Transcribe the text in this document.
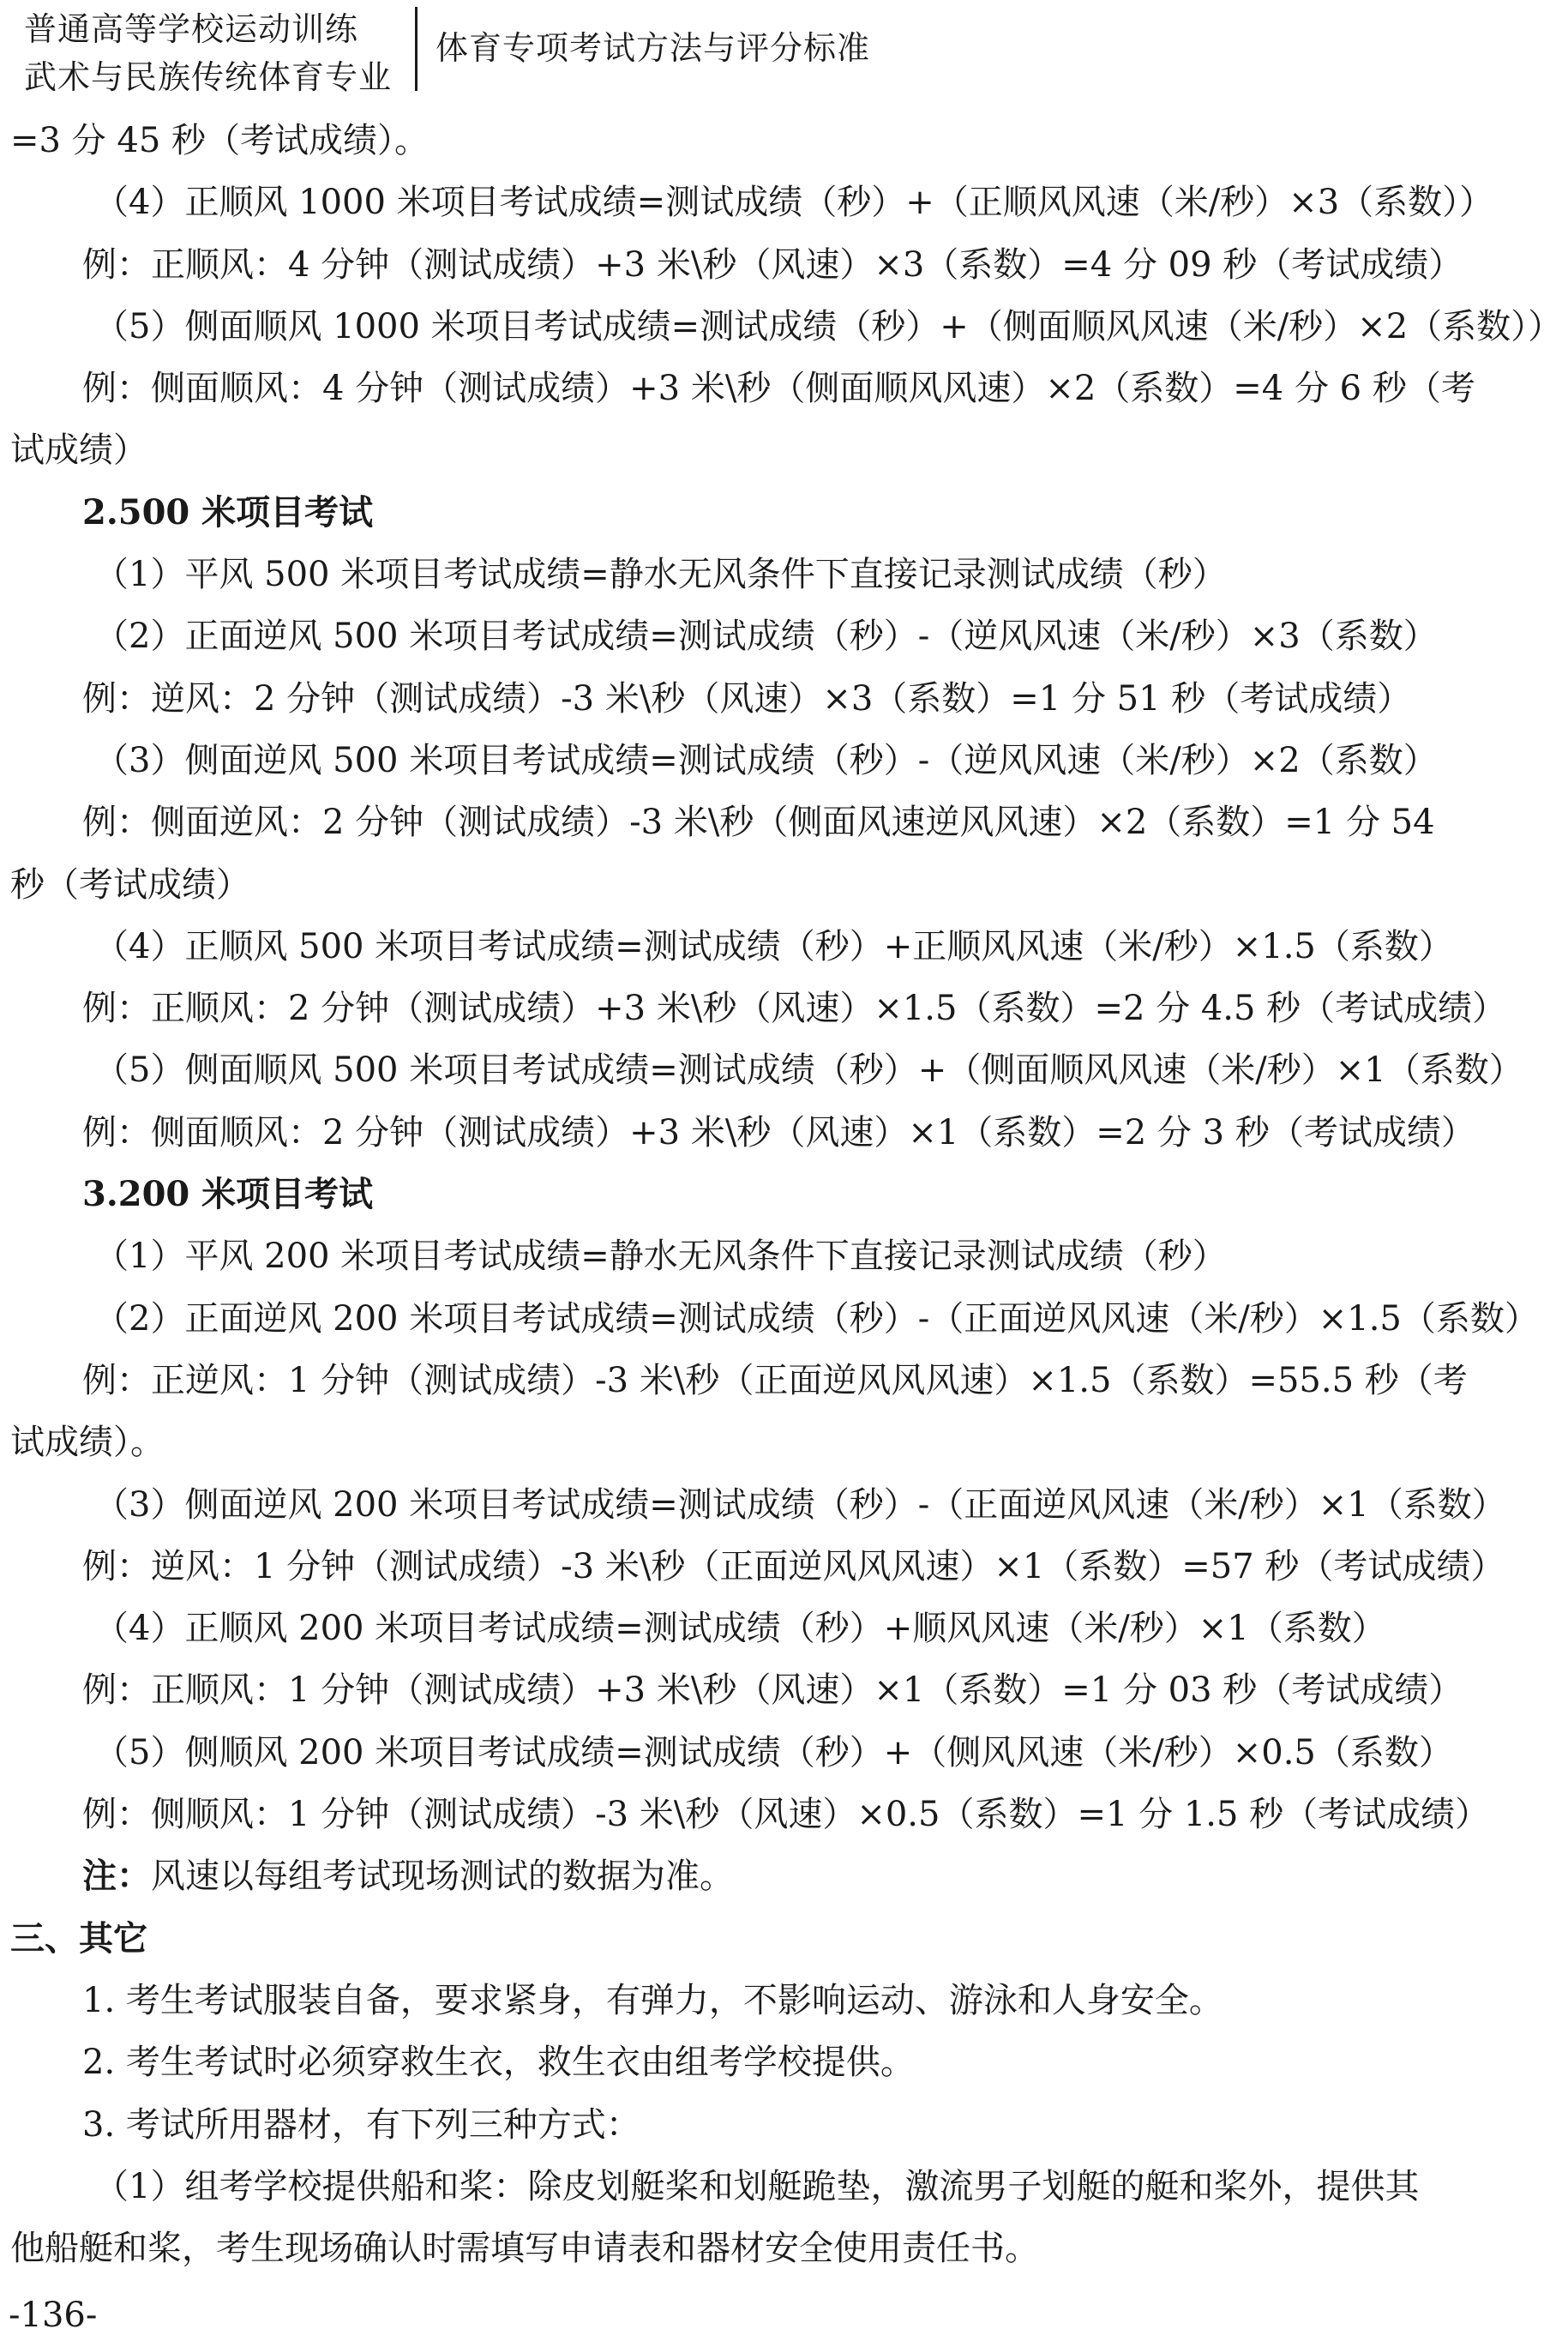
普通高等学校运动训练
武术与民族传统体育专业
体育专项考试方法与评分标准

=3 分 45 秒（考试成绩）。

（4）正顺风 1000 米项目考试成绩=测试成绩（秒）+（正顺风风速（米/秒）×3（系数））

例：正顺风：4 分钟（测试成绩）+3 米\秒（风速）×3（系数）=4 分 09 秒（考试成绩）

（5）侧面顺风 1000 米项目考试成绩=测试成绩（秒）+（侧面顺风风速（米/秒）×2（系数））

例：侧面顺风：4 分钟（测试成绩）+3 米\秒（侧面顺风风速）×2（系数）=4 分 6 秒（考

试成绩）

2.500 米项目考试

（1）平风 500 米项目考试成绩=静水无风条件下直接记录测试成绩（秒）

（2）正面逆风 500 米项目考试成绩=测试成绩（秒）-（逆风风速（米/秒）×3（系数）

例：逆风：2 分钟（测试成绩）-3 米\秒（风速）×3（系数）=1 分 51 秒（考试成绩）

（3）侧面逆风 500 米项目考试成绩=测试成绩（秒）-（逆风风速（米/秒）×2（系数）

例：侧面逆风：2 分钟（测试成绩）-3 米\秒（侧面风速逆风风速）×2（系数）=1 分 54

秒（考试成绩）

（4）正顺风 500 米项目考试成绩=测试成绩（秒）+正顺风风速（米/秒）×1.5（系数）

例：正顺风：2 分钟（测试成绩）+3 米\秒（风速）×1.5（系数）=2 分 4.5 秒（考试成绩）

（5）侧面顺风 500 米项目考试成绩=测试成绩（秒）+（侧面顺风风速（米/秒）×1（系数）

例：侧面顺风：2 分钟（测试成绩）+3 米\秒（风速）×1（系数）=2 分 3 秒（考试成绩）

3.200 米项目考试

（1）平风 200 米项目考试成绩=静水无风条件下直接记录测试成绩（秒）

（2）正面逆风 200 米项目考试成绩=测试成绩（秒）-（正面逆风风速（米/秒）×1.5（系数）

例：正逆风：1 分钟（测试成绩）-3 米\秒（正面逆风风风速）×1.5（系数）=55.5 秒（考

试成绩）。

（3）侧面逆风 200 米项目考试成绩=测试成绩（秒）-（正面逆风风速（米/秒）×1（系数）

例：逆风：1 分钟（测试成绩）-3 米\秒（正面逆风风风速）×1（系数）=57 秒（考试成绩）

（4）正顺风 200 米项目考试成绩=测试成绩（秒）+顺风风速（米/秒）×1（系数）

例：正顺风：1 分钟（测试成绩）+3 米\秒（风速）×1（系数）=1 分 03 秒（考试成绩）

（5）侧顺风 200 米项目考试成绩=测试成绩（秒）+（侧风风速（米/秒）×0.5（系数）

例：侧顺风：1 分钟（测试成绩）-3 米\秒（风速）×0.5（系数）=1 分 1.5 秒（考试成绩）

注：风速以每组考试现场测试的数据为准。

三、其它

1. 考生考试服装自备，要求紧身，有弹力，不影响运动、游泳和人身安全。

2. 考生考试时必须穿救生衣，救生衣由组考学校提供。

3. 考试所用器材，有下列三种方式：

（1）组考学校提供船和桨：除皮划艇桨和划艇跪垫，激流男子划艇的艇和桨外，提供其

他船艇和桨，考生现场确认时需填写申请表和器材安全使用责任书。

-136-
